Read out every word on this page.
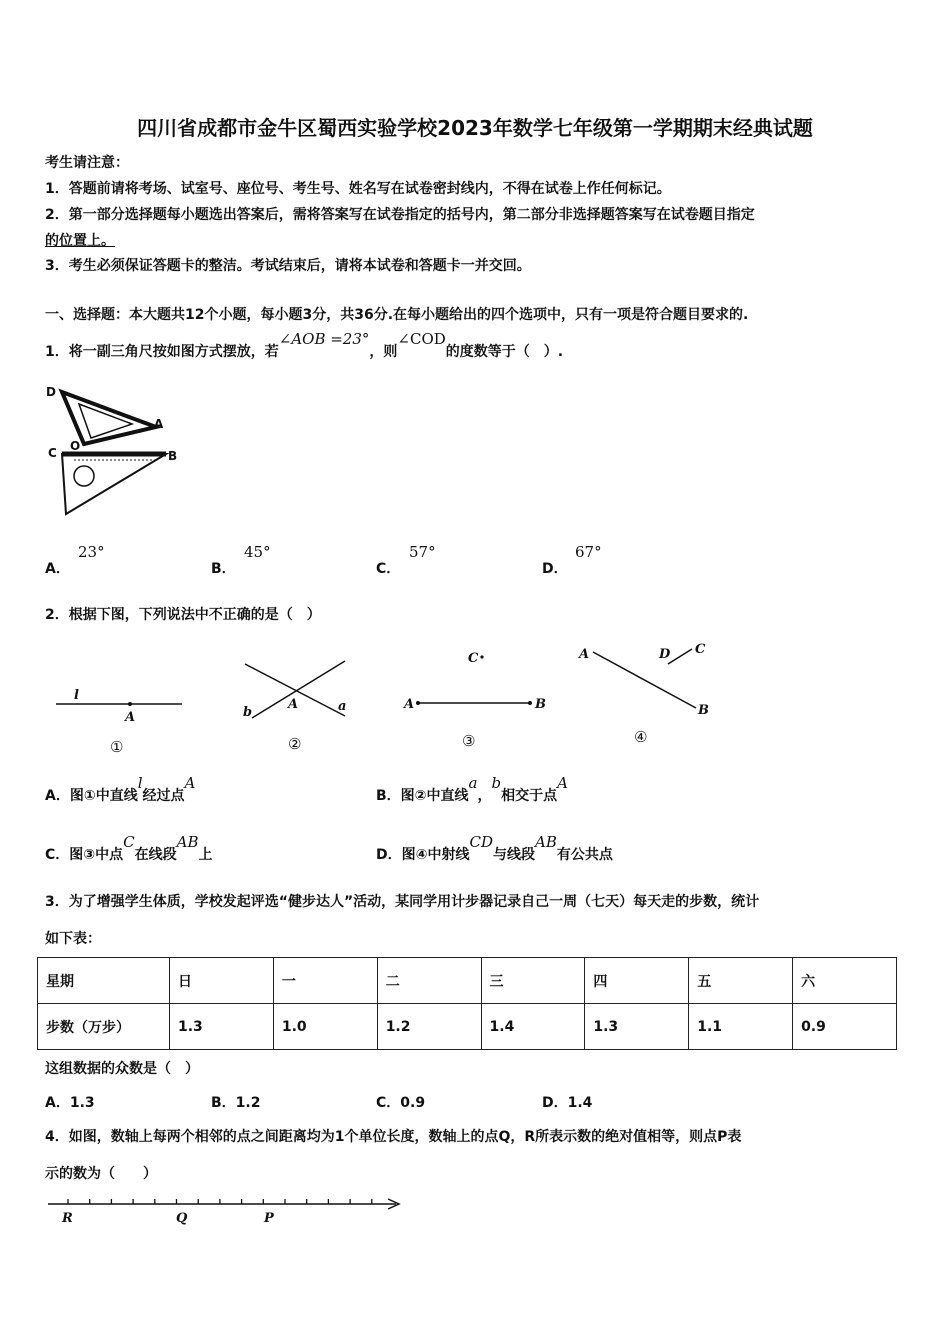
四川省成都市金牛区蜀西实验学校2023年数学七年级第一学期期末经典试题
考生请注意：
1．答题前请将考场、试室号、座位号、考生号、姓名写在试卷密封线内，不得在试卷上作任何标记。
2．第一部分选择题每小题选出答案后，需将答案写在试卷指定的括号内，第二部分非选择题答案写在试卷题目指定
的位置上。
3．考生必须保证答题卡的整洁。考试结束后，请将本试卷和答题卡一并交回。
一、选择题：本大题共12个小题，每小题3分，共36分.在每小题给出的四个选项中，只有一项是符合题目要求的.
1．将一副三角尺按如图方式摆放，若∠AOB =23°，则∠COD的度数等于（　）.
D
A
C O
B
A．
23°
B．
45°
C．
57°
D．
67°
2．根据下图，下列说法中不正确的是（　）
l
A
①
b
A	a
②
C
A	B
③
A	D C
B
④
A．图①中直线l经过点A
B．图②中直线a，b相交于点A
C．图③中点C在线段AB上	D．图④中射线CD与线段AB有公共点
3．为了增强学生体质，学校发起评选“健步达人”活动，某同学用计步器记录自己一周（七天）每天走的步数，统计
如下表：
星期	日	一	二	三	四	五	六
步数（万步）	1.3	1.0	1.2	1.4	1.3	1.1	0.9
这组数据的众数是（　）
A．1.3	B．1.2	C．0.9	D．1.4
4．如图，数轴上每两个相邻的点之间距离均为1个单位长度，数轴上的点Q，R所表示数的绝对值相等，则点P表
示的数为（　　）
R	Q	P
